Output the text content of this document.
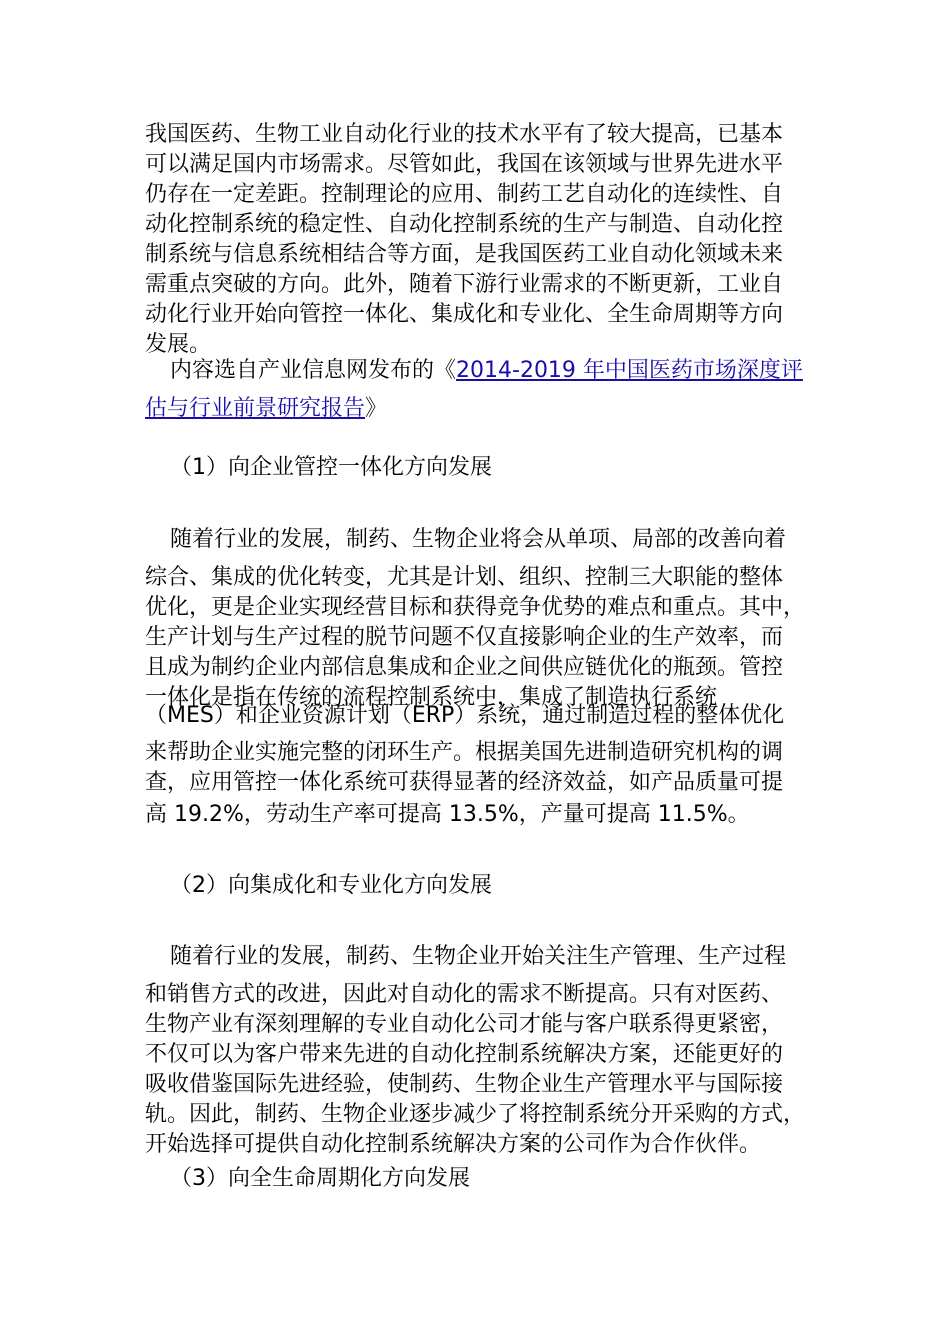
我国医药、生物工业自动化行业的技术水平有了较大提高，已基本
可以满足国内市场需求。尽管如此，我国在该领域与世界先进水平
仍存在一定差距。控制理论的应用、制药工艺自动化的连续性、自
动化控制系统的稳定性、自动化控制系统的生产与制造、自动化控
制系统与信息系统相结合等方面，是我国医药工业自动化领域未来
需重点突破的方向。此外，随着下游行业需求的不断更新，工业自
动化行业开始向管控一体化、集成化和专业化、全生命周期等方向
发展。
内容选自产业信息网发布的《2014-2019 年中国医药市场深度评
估与行业前景研究报告》
（1）向企业管控一体化方向发展
随着行业的发展，制药、生物企业将会从单项、局部的改善向着
综合、集成的优化转变，尤其是计划、组织、控制三大职能的整体
优化，更是企业实现经营目标和获得竞争优势的难点和重点。其中，
生产计划与生产过程的脱节问题不仅直接影响企业的生产效率，而
且成为制约企业内部信息集成和企业之间供应链优化的瓶颈。管控
一体化是指在传统的流程控制系统中，集成了制造执行系统
（MES）和企业资源计划（ERP）系统，通过制造过程的整体优化
来帮助企业实施完整的闭环生产。根据美国先进制造研究机构的调
查，应用管控一体化系统可获得显著的经济效益，如产品质量可提
高 19.2%，劳动生产率可提高 13.5%，产量可提高 11.5%。
（2）向集成化和专业化方向发展
随着行业的发展，制药、生物企业开始关注生产管理、生产过程
和销售方式的改进，因此对自动化的需求不断提高。只有对医药、
生物产业有深刻理解的专业自动化公司才能与客户联系得更紧密，
不仅可以为客户带来先进的自动化控制系统解决方案，还能更好的
吸收借鉴国际先进经验，使制药、生物企业生产管理水平与国际接
轨。因此，制药、生物企业逐步减少了将控制系统分开采购的方式，
开始选择可提供自动化控制系统解决方案的公司作为合作伙伴。
（3）向全生命周期化方向发展
